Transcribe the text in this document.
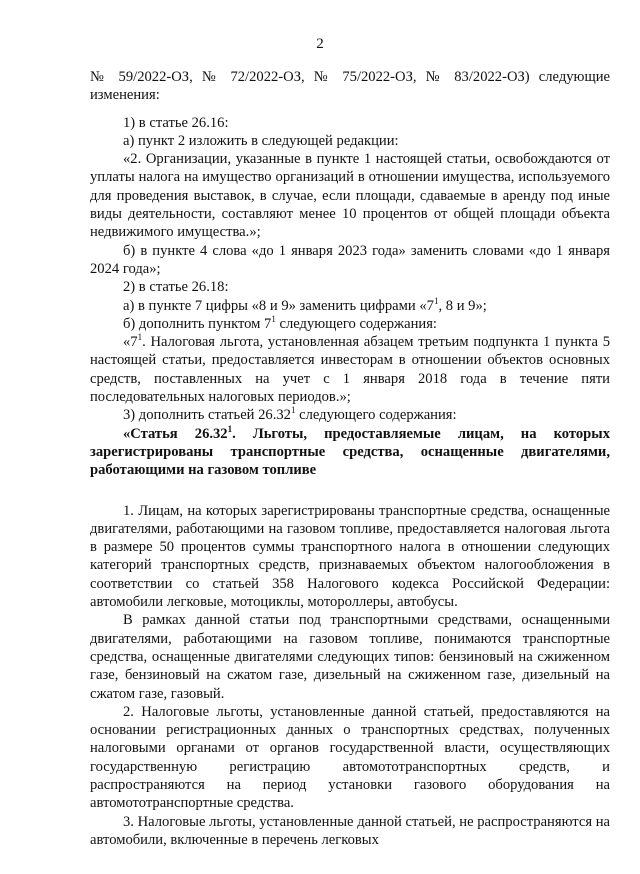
2

№ 59/2022-ОЗ, № 72/2022-ОЗ, № 75/2022-ОЗ, № 83/2022-ОЗ) следующие изменения:

1) в статье 26.16:

а) пункт 2 изложить в следующей редакции:

«2. Организации, указанные в пункте 1 настоящей статьи, освобождаются от уплаты налога на имущество организаций в отношении имущества, используемого для проведения выставок, в случае, если площади, сдаваемые в аренду под иные виды деятельности, составляют менее 10 процентов от общей площади объекта недвижимого имущества.»;

б) в пункте 4 слова «до 1 января 2023 года» заменить словами «до 1 января 2024 года»;

2) в статье 26.18:

а) в пункте 7 цифры «8 и 9» заменить цифрами «$7^1$, 8 и 9»;

б) дополнить пунктом $7^1$ следующего содержания:

«$7^1$. Налоговая льгота, установленная абзацем третьим подпункта 1 пункта 5 настоящей статьи, предоставляется инвесторам в отношении объектов основных средств, поставленных на учет с 1 января 2018 года в течение пяти последовательных налоговых периодов.»;

3) дополнить статьей 26.32$^1$ следующего содержания:

«Статья 26.32$^1$. Льготы, предоставляемые лицам, на которых зарегистрированы транспортные средства, оснащенные двигателями, работающими на газовом топливе

1. Лицам, на которых зарегистрированы транспортные средства, оснащенные двигателями, работающими на газовом топливе, предоставляется налоговая льгота в размере 50 процентов суммы транспортного налога в отношении следующих категорий транспортных средств, признаваемых объектом налогообложения в соответствии со статьей 358 Налогового кодекса Российской Федерации: автомобили легковые, мотоциклы, мотороллеры, автобусы.

В рамках данной статьи под транспортными средствами, оснащенными двигателями, работающими на газовом топливе, понимаются транспортные средства, оснащенные двигателями следующих типов: бензиновый на сжиженном газе, бензиновый на сжатом газе, дизельный на сжиженном газе, дизельный на сжатом газе, газовый.

2. Налоговые льготы, установленные данной статьей, предоставляются на основании регистрационных данных о транспортных средствах, полученных налоговыми органами от органов государственной власти, осуществляющих государственную регистрацию автомототранспортных средств, и распространяются на период установки газового оборудования на автомототранспортные средства.

3. Налоговые льготы, установленные данной статьей, не распространяются на автомобили, включенные в перечень легковых
